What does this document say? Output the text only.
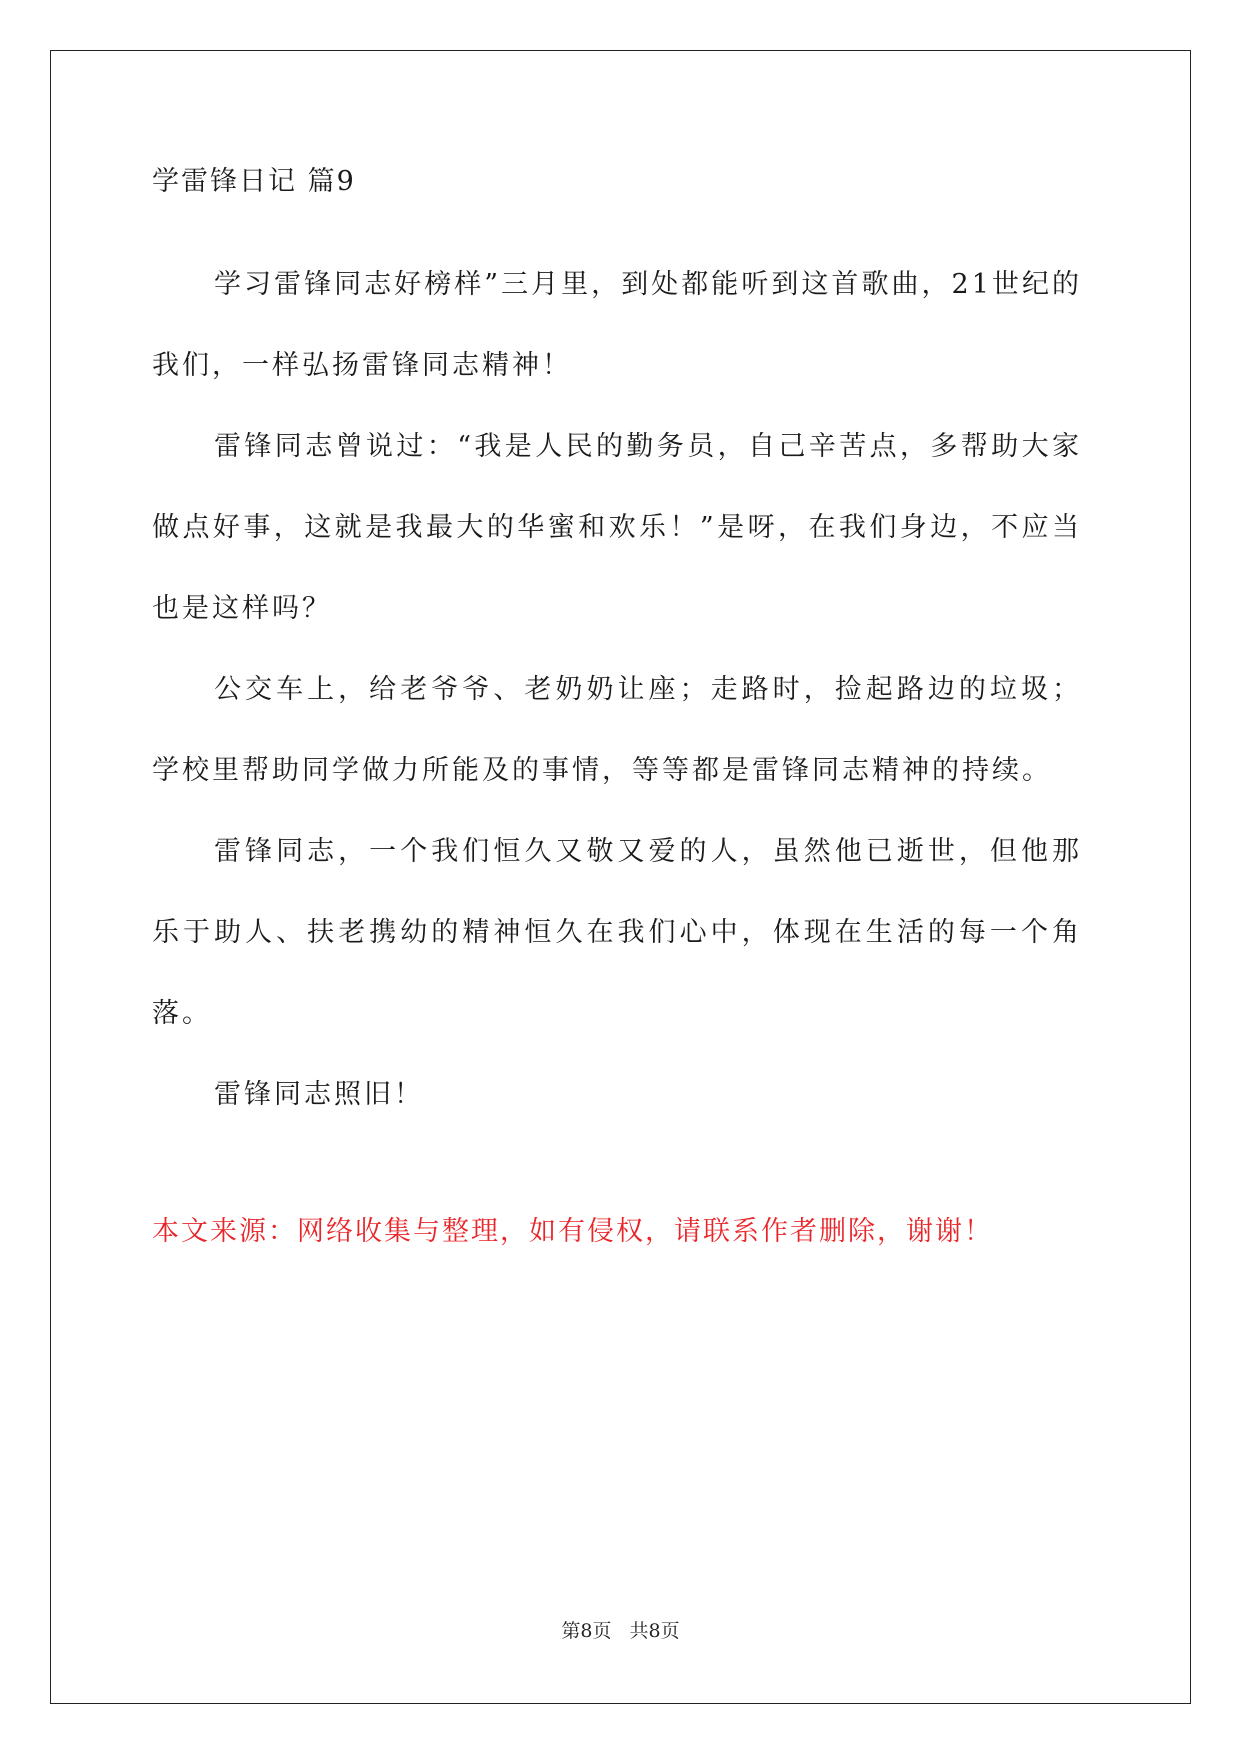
学雷锋日记 篇9

学习雷锋同志好榜样”三月里，到处都能听到这首歌曲，21世纪的我们，一样弘扬雷锋同志精神！

雷锋同志曾说过：“我是人民的勤务员，自己辛苦点，多帮助大家做点好事，这就是我最大的华蜜和欢乐！”是呀，在我们身边，不应当也是这样吗？

公交车上，给老爷爷、老奶奶让座；走路时，捡起路边的垃圾；学校里帮助同学做力所能及的事情，等等都是雷锋同志精神的持续。

雷锋同志，一个我们恒久又敬又爱的人，虽然他已逝世，但他那乐于助人、扶老携幼的精神恒久在我们心中，体现在生活的每一个角落。

雷锋同志照旧！

本文来源：网络收集与整理，如有侵权，请联系作者删除，谢谢！
第8页 共8页
